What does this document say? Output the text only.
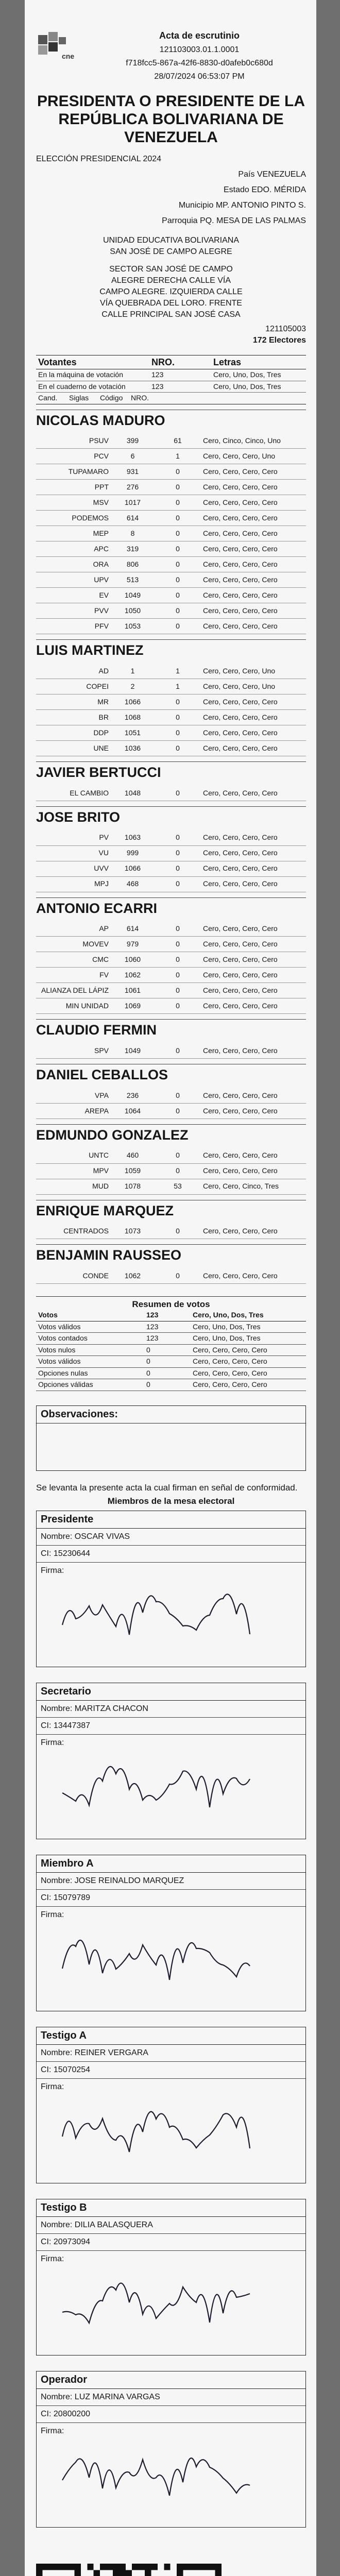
cne
Acta de escrutinio
121103003.01.1.0001
f718fcc5-867a-42f6-8830-d0afeb0c680d
28/07/2024 06:53:07 PM
PRESIDENTA O PRESIDENTE DE LA REPÚBLICA BOLIVARIANA DE VENEZUELA
ELECCIÓN PRESIDENCIAL 2024
País VENEZUELA
Estado EDO. MÉRIDA
Municipio MP. ANTONIO PINTO S.
Parroquia PQ. MESA DE LAS PALMAS
UNIDAD EDUCATIVA BOLIVARIANA
SAN JOSÉ DE CAMPO ALEGRE
SECTOR SAN JOSÉ DE CAMPO
ALEGRE DERECHA CALLE VÍA
CAMPO ALEGRE. IZQUIERDA CALLE
VÍA QUEBRADA DEL LORO. FRENTE
CALLE PRINCIPAL SAN JOSÉ CASA
121105003
172 Electores
Votantes	NRO.	Letras
En la máquina de votación	123	Cero, Uno, Dos, Tres
En el cuaderno de votación	123	Cero, Uno, Dos, Tres
Cand.	Siglas	Código	NRO.
NICOLAS MADURO
PSUV	399	61	Cero, Cinco, Cinco, Uno
PCV	6	1	Cero, Cero, Cero, Uno
TUPAMARO	931	0	Cero, Cero, Cero, Cero
PPT	276	0	Cero, Cero, Cero, Cero
MSV	1017	0	Cero, Cero, Cero, Cero
PODEMOS	614	0	Cero, Cero, Cero, Cero
MEP	8	0	Cero, Cero, Cero, Cero
APC	319	0	Cero, Cero, Cero, Cero
ORA	806	0	Cero, Cero, Cero, Cero
UPV	513	0	Cero, Cero, Cero, Cero
EV	1049	0	Cero, Cero, Cero, Cero
PVV	1050	0	Cero, Cero, Cero, Cero
PFV	1053	0	Cero, Cero, Cero, Cero
LUIS MARTINEZ
AD	1	1	Cero, Cero, Cero, Uno
COPEI	2	1	Cero, Cero, Cero, Uno
MR	1066	0	Cero, Cero, Cero, Cero
BR	1068	0	Cero, Cero, Cero, Cero
DDP	1051	0	Cero, Cero, Cero, Cero
UNE	1036	0	Cero, Cero, Cero, Cero
JAVIER BERTUCCI
EL CAMBIO	1048	0	Cero, Cero, Cero, Cero
JOSE BRITO
PV	1063	0	Cero, Cero, Cero, Cero
VU	999	0	Cero, Cero, Cero, Cero
UVV	1066	0	Cero, Cero, Cero, Cero
MPJ	468	0	Cero, Cero, Cero, Cero
ANTONIO ECARRI
AP	614	0	Cero, Cero, Cero, Cero
MOVEV	979	0	Cero, Cero, Cero, Cero
CMC	1060	0	Cero, Cero, Cero, Cero
FV	1062	0	Cero, Cero, Cero, Cero
ALIANZA DEL LÁPIZ	1061	0	Cero, Cero, Cero, Cero
MIN UNIDAD	1069	0	Cero, Cero, Cero, Cero
CLAUDIO FERMIN
SPV	1049	0	Cero, Cero, Cero, Cero
DANIEL CEBALLOS
VPA	236	0	Cero, Cero, Cero, Cero
AREPA	1064	0	Cero, Cero, Cero, Cero
EDMUNDO GONZALEZ
UNTC	460	0	Cero, Cero, Cero, Cero
MPV	1059	0	Cero, Cero, Cero, Cero
MUD	1078	53	Cero, Cero, Cinco, Tres
ENRIQUE MARQUEZ
CENTRADOS	1073	0	Cero, Cero, Cero, Cero
BENJAMIN RAUSSEO
CONDE	1062	0	Cero, Cero, Cero, Cero
Resumen de votos
Votos	123	Cero, Uno, Dos, Tres
Votos válidos	123	Cero, Uno, Dos, Tres
Votos contados	123	Cero, Uno, Dos, Tres
Votos nulos	0	Cero, Cero, Cero, Cero
Votos válidos	0	Cero, Cero, Cero, Cero
Opciones nulas	0	Cero, Cero, Cero, Cero
Opciones válidas	0	Cero, Cero, Cero, Cero
Observaciones:
Se levanta la presente acta la cual firman en señal de conformidad.
Miembros de la mesa electoral
Presidente
Nombre: OSCAR VIVAS
CI: 15230644
Firma:
Secretario
Nombre: MARITZA CHACON
CI: 13447387
Firma:
Miembro A
Nombre: JOSE REINALDO MARQUEZ
CI: 15079789
Firma:
Testigo A
Nombre: REINER VERGARA
CI: 15070254
Firma:
Testigo B
Nombre: DILIA BALASQUERA
CI: 20973094
Firma:
Operador
Nombre: LUZ MARINA VARGAS
CI: 20800200
Firma:
